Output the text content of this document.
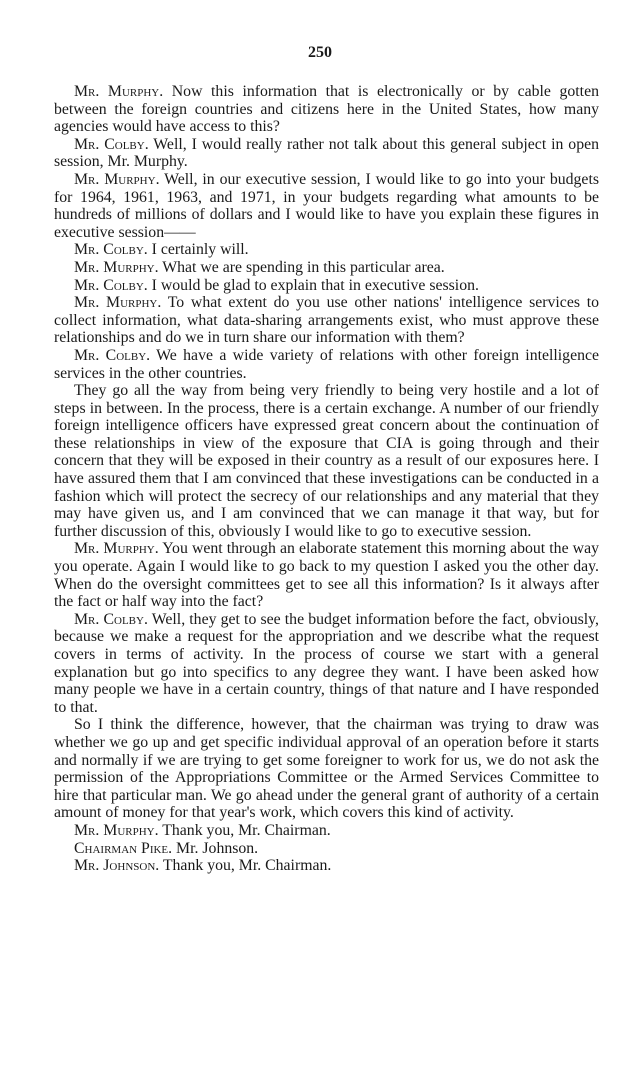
250

Mr. Murphy. Now this information that is electronically or by cable gotten between the foreign countries and citizens here in the United States, how many agencies would have access to this?

Mr. Colby. Well, I would really rather not talk about this general subject in open session, Mr. Murphy.

Mr. Murphy. Well, in our executive session, I would like to go into your budgets for 1964, 1961, 1963, and 1971, in your budgets regarding what amounts to be hundreds of millions of dollars and I would like to have you explain these figures in executive session——

Mr. Colby. I certainly will.

Mr. Murphy. What we are spending in this particular area.

Mr. Colby. I would be glad to explain that in executive session.

Mr. Murphy. To what extent do you use other nations' intelligence services to collect information, what data-sharing arrangements exist, who must approve these relationships and do we in turn share our information with them?

Mr. Colby. We have a wide variety of relations with other foreign intelligence services in the other countries.

They go all the way from being very friendly to being very hostile and a lot of steps in between. In the process, there is a certain exchange. A number of our friendly foreign intelligence officers have expressed great concern about the continuation of these relationships in view of the exposure that CIA is going through and their concern that they will be exposed in their country as a result of our exposures here. I have assured them that I am convinced that these investigations can be conducted in a fashion which will protect the secrecy of our relationships and any material that they may have given us, and I am convinced that we can manage it that way, but for further discussion of this, obviously I would like to go to executive session.

Mr. Murphy. You went through an elaborate statement this morning about the way you operate. Again I would like to go back to my question I asked you the other day. When do the oversight committees get to see all this information? Is it always after the fact or half way into the fact?

Mr. Colby. Well, they get to see the budget information before the fact, obviously, because we make a request for the appropriation and we describe what the request covers in terms of activity. In the process of course we start with a general explanation but go into specifics to any degree they want. I have been asked how many people we have in a certain country, things of that nature and I have responded to that.

So I think the difference, however, that the chairman was trying to draw was whether we go up and get specific individual approval of an operation before it starts and normally if we are trying to get some foreigner to work for us, we do not ask the permission of the Appropriations Committee or the Armed Services Committee to hire that particular man. We go ahead under the general grant of authority of a certain amount of money for that year's work, which covers this kind of activity.

Mr. Murphy. Thank you, Mr. Chairman.

Chairman Pike. Mr. Johnson.

Mr. Johnson. Thank you, Mr. Chairman.
